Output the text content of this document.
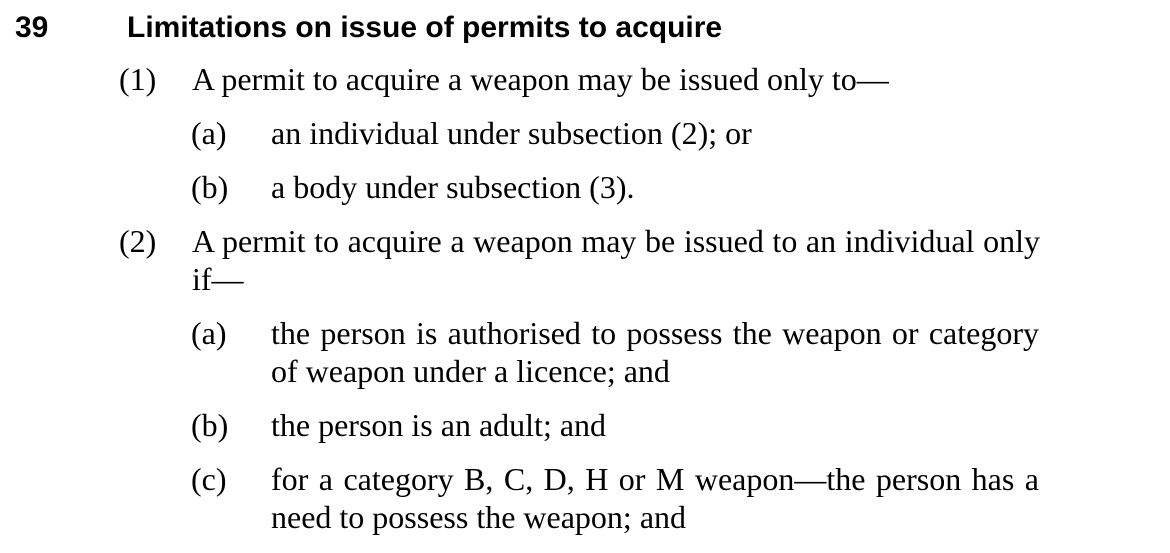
39	Limitations on issue of permits to acquire
(1) A permit to acquire a weapon may be issued only to—
(a) an individual under subsection (2); or
(b) a body under subsection (3).
(2) A permit to acquire a weapon may be issued to an individual only if—
(a) the person is authorised to possess the weapon or category of weapon under a licence; and
(b) the person is an adult; and
(c) for a category B, C, D, H or M weapon—the person has a need to possess the weapon; and
